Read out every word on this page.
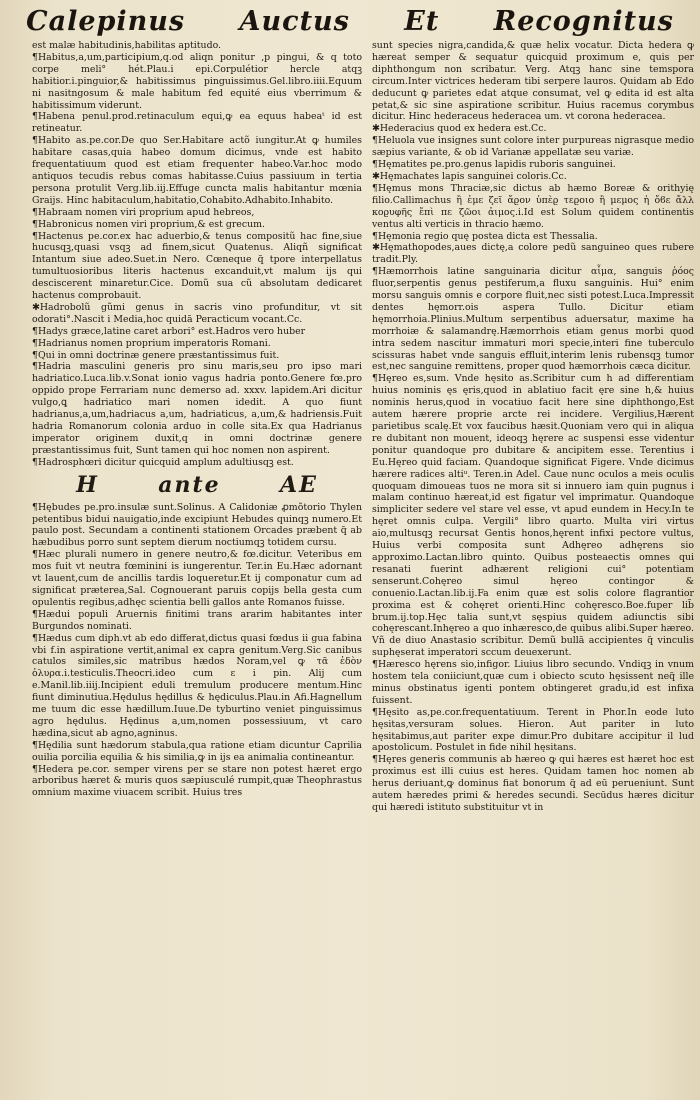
Calepinus Auctus Et Recognitus

est malæ habitudinis,habilitas aptitudo.

¶Habitus,a,um,participium,q.od aliqn ponitur ,p pingui, & q toto corpe meli° hét.Plau.i epi.Corpulétior hercle atqꝫ habitior.i.pinguior,& habitissimus pinguissimus.Gel.libro.iiii.Equum ni nasitngosum & male habitum fed equité eius vberrimum & habitissimum viderunt.

¶Habena penul.prod.retinaculum equi,ꝙ ea equus habeaᵗ id est retineatur.

¶Habito as.pe.cor.De quo Ser.Habitare actõ iungitur.At ꝙ humiles habitare casas,quia habeo domum dicimus, vnde est habito frequentatiuum quod est etiam frequenter habeo.Var.hoc modo antiquos tecudis rebus comas habitasse.Cuius passiuum in tertia persona protulit Verg.lib.iij.Effuge cuncta malis habitantur mœnia Graijs. Hinc habitaculum,habitatio,Cohabito.Adhabito.Inhabito.

¶Habraam nomen viri proprium apud hebreos,

¶Habronicus nomen viri proprium,& est grecum.

¶Hactenus pe.cor.ex hac aduerbio,& tenus compositũ hac fine,siue hucusqꝫ,quasi vsqꝫ ad finem,sicut Quatenus. Aliqñ significat Intantum siue adeo.Suet.in Nero. Cœneque q̃ tpore interpellatus tumultuosioribus literis hactenus excanduit,vt malum ijs qui desciscerent minaretur.Cice. Domũ sua cũ absolutam dedicaret hactenus comprobauit.

✱Hadrobolũ gũmi genus in sacris vino profunditur, vt sit odorati°.Nascit i Media,hoc quidā Peracticum vocant.Cc.

¶Hadys græce,latine caret arbori° est.Hadros vero huber

¶Hadrianus nomen proprium imperatoris Romani.

¶Qui in omni doctrinæ genere præstantissimus fuit.

¶Hadria masculini generis pro sinu maris,seu pro ipso mari hadriatico.Luca.lib.v.Sonat ionio vagus hadria ponto.Genere fœ.pro oppido prope Ferrariam nunc demerso ad. xxxv. lapidem.Ari dicitur vulgo,ꝗ hadriatico mari nomen idedit. A quo fiunt hadrianus,a,um,hadriacus a,um, hadriaticus, a,um,& hadriensis.Fuit hadria Romanorum colonia arduo in colle sita.Ex qua Hadrianus imperator originem duxit,q in omni doctrinæ genere præstantissimus fuit, Sunt tamen qui hoc nomen non aspirent.

¶Hadrosphœri dicitur quicquid amplum adultiusqꝫ est.

H	ante	AE

¶Hębudes pe.pro.insulæ sunt.Solinus. A Calidoniæ ꝓmõtorio Thylen petentibus bidui nauigatio,inde excipiunt Hebudes quinqꝫ numero.Et paulo post. Secundam a continenti stationem Orcades præbent q̃ ab hæbudibus porro sunt septem dierum noctiumqꝫ totidem cursu.

¶Hæc plurali numero in genere neutro,& fœ.dicitur. Veteribus em mos fuit vt neutra fœminini is iungerentur. Ter.in Eu.Hæc adornant vt lauent,cum de ancillis tardis loqueretur.Et ij componatur cum ad significat præterea,Sal. Cognouerant paruis copijs bella gesta cum opulentis regibus,adhęc scientia belli gallos ante Romanos fuisse.

¶Hædui populi Aruernis finitimi trans ararim habitantes inter Burgundos nominati.

¶Hædus cum diph.vt ab edo differat,dictus quasi fœdus ii gua fabina vbi f.in aspiratione vertit,animal ex capra genitum.Verg.Sic canibus catulos similes,sic matribus hædos Noram,vel ꝙ τᾶ ἐδὸν ὀλυρα.i.testiculis.Theocri.ideo cum ɛ i pin. Alij cum e.Manil.lib.iiij.Incipient eduli tremulum producere mentum.Hinc fiunt diminutiua.Hędulus hędillus & hędiculus.Plau.in Afi.Hagnellum me tuum dic esse hædillum.Iuue.De tyburtino veniet pinguissimus agro hędulus. Hędinus a,um,nomen possessiuum, vt caro hædina,sicut ab agno,agninus.

¶Hędilia sunt hædorum stabula,qua ratione etiam dicuntur Caprilia ouilia porcilia equilia & his similia,ꝙ in ijs ea animalia contineantur.

¶Hedera pe.cor. semper virens per se stare non potest hæret ergo arboribus hæret & muris quos sæpiusculé rumpit,quæ Theophrastus omnium maxime viuacem scribit. Huius tres

sunt species nigra,candida,& quæ helix vocatur. Dicta hedera ꝙ hæreat semper & sequatur quicquid proximum e, quis per diphthongum non scribatur. Verg. Atqꝫ hanc sine temspora circum.Inter victrices hederam tibi serpere lauros. Quidam ab Edo deducunt ꝙ parietes edat atque consumat, vel ꝙ edita id est alta petat,& sic sine aspiratione scribitur. Huius racemus corymbus dicitur. Hinc hederaceus hederacea um. vt corona hederacea.

✱Hederacius quod ex hedera est.Cc.

¶Heluola vue insignes sunt colore inter purpureas nigrasque medio sæpius variante, & ob id Varianæ appellatæ seu variæ.

¶Hęmatites pe.pro.genus lapidis ruboris sanguinei.

✱Hęmachates lapis sanguinei coloris.Cc.

¶Hęmus mons Thraciæ,sic dictus ab hæmo Boreæ & orithyię filio.Callimachus ἢ ἐμε ζεῖ ἄϱον ὑπὲϱ τεϱοιο ἢ μεμος ἡ ὄϐε ἄλλ κοϱυφῆς ἔπὶ πε ζῶοι ἀιμος.i.Id est Solum quidem continentis ventus alti verticis in thracio hæmo.

¶Hęmonia regio quę postea dicta est Thessalia.

✱Hęmathopodes,aues dictę,a colore pedũ sanguineo ques rubere tradit.Ply.

¶Hæmorrhois latine sanguinaria dicitur αἷμα, sanguis ῥόος fluor,serpentis genus pestiferum,a fluxu sanguinis. Hui° enim morsu sanguis omnis e corpore fluit,nec sisti potest.Luca.Impressit dentes hęmorr.ois aspera Tullo. Dicitur etiam hęmorrhoia.Plinius.Multum serpentibus aduersatur, maxime ha morrhoiæ & salamandrę.Hæmorrhois etiam genus morbi quod intra sedem nascitur immaturi mori specie,interi fine tuberculo scissuras habet vnde sanguis effluit,interim lenis rubensqꝫ tumor est,nec sanguine remittens, proper quod hæmorrhois cæca dicitur.

¶Hęreo es,sum. Vnde hęsito as.Scribitur cum h ad differentiam huius nominis ęs ęris,quod in ablatiuo facit ęre sine h,& huius nominis herus,quod in vocatiuo facit here sine diphthongo,Est autem hærere proprie arcte rei incidere. Vergilius,Hærent parietibus scalę.Et vox faucibus hæsit.Quoniam vero qui in aliqua re dubitant non mouent, ideoqꝫ hęrere ac suspensi esse videntur ponitur quandoque pro dubitare & ancipitem esse. Terentius i Eu.Hęreo quid faciam. Quandoque significat Figere. Vnde dicimus hærere radices altiᵘ. Teren.in Adel. Caue nunc oculos a meis oculis quoquam dimoueas tuos ne mora sit si innuero iam quin pugnus i malam continuo hæreat,id est figatur vel imprimatur. Quandoque simpliciter sedere vel stare vel esse, vt apud eundem in Hecy.In te hęret omnis culpa. Vergili° libro quarto. Multa viri virtus aio,multusqꝫ recursat Gentis honos,hęrent infixi pectore vultus, Huius verbi composita sunt Adhęreo adhęrens sio approximo.Lactan.libro quinto. Quibus posteaectis omnes qui resanati fuerint adhærent religioni cui° potentiam senserunt.Cohęreo simul hęreo contingor & conuenio.Lactan.lib.ij.Fa enim quæ est solis colore flagrantior proxima est & cohęret orienti.Hinc cohęresco.Boe.fuper lib̃ brum.ij.top.Hęc talia sunt,vt sęspius quidem adiunctis sibi cohęrescant.Inhęreo a quo inhæresco,de quibus alibi.Super hæreo. Vñ de diuo Anastasio scribitur. Demũ bullā accipientes q̃ vinculis suphęserat imperatori sccum deuexerunt.

¶Hæresco hęrens sio,infigor. Liuius libro secundo. Vndiqꝫ in vnum hostem tela coniiciunt,quæ cum i obiecto scuto hęsissent neq̃ ille minus obstinatus igenti pontem obtingeret gradu,id est infixa fuissent.

¶Hęsito as,pe.cor.frequentatiuum. Terent in Phor.In eode luto hęsitas,versuram solues. Hieron. Aut pariter in luto hęsitabimus,aut pariter expe dimur.Pro dubitare accipitur il lud apostolicum. Postulet in fide nihil hęsitans.

¶Hęres generis communis ab hæreo ꝙ qui hæres est hæret hoc est proximus est illi cuius est heres. Quidam tamen hoc nomen ab herus deriuant,ꝙ dominus fiat bonorum q̃ ad eū perueniunt. Sunt autem hæredes primi & heredes secundi. Secūdus hæres dicitur qui hæredi istituto substituitur vt in
